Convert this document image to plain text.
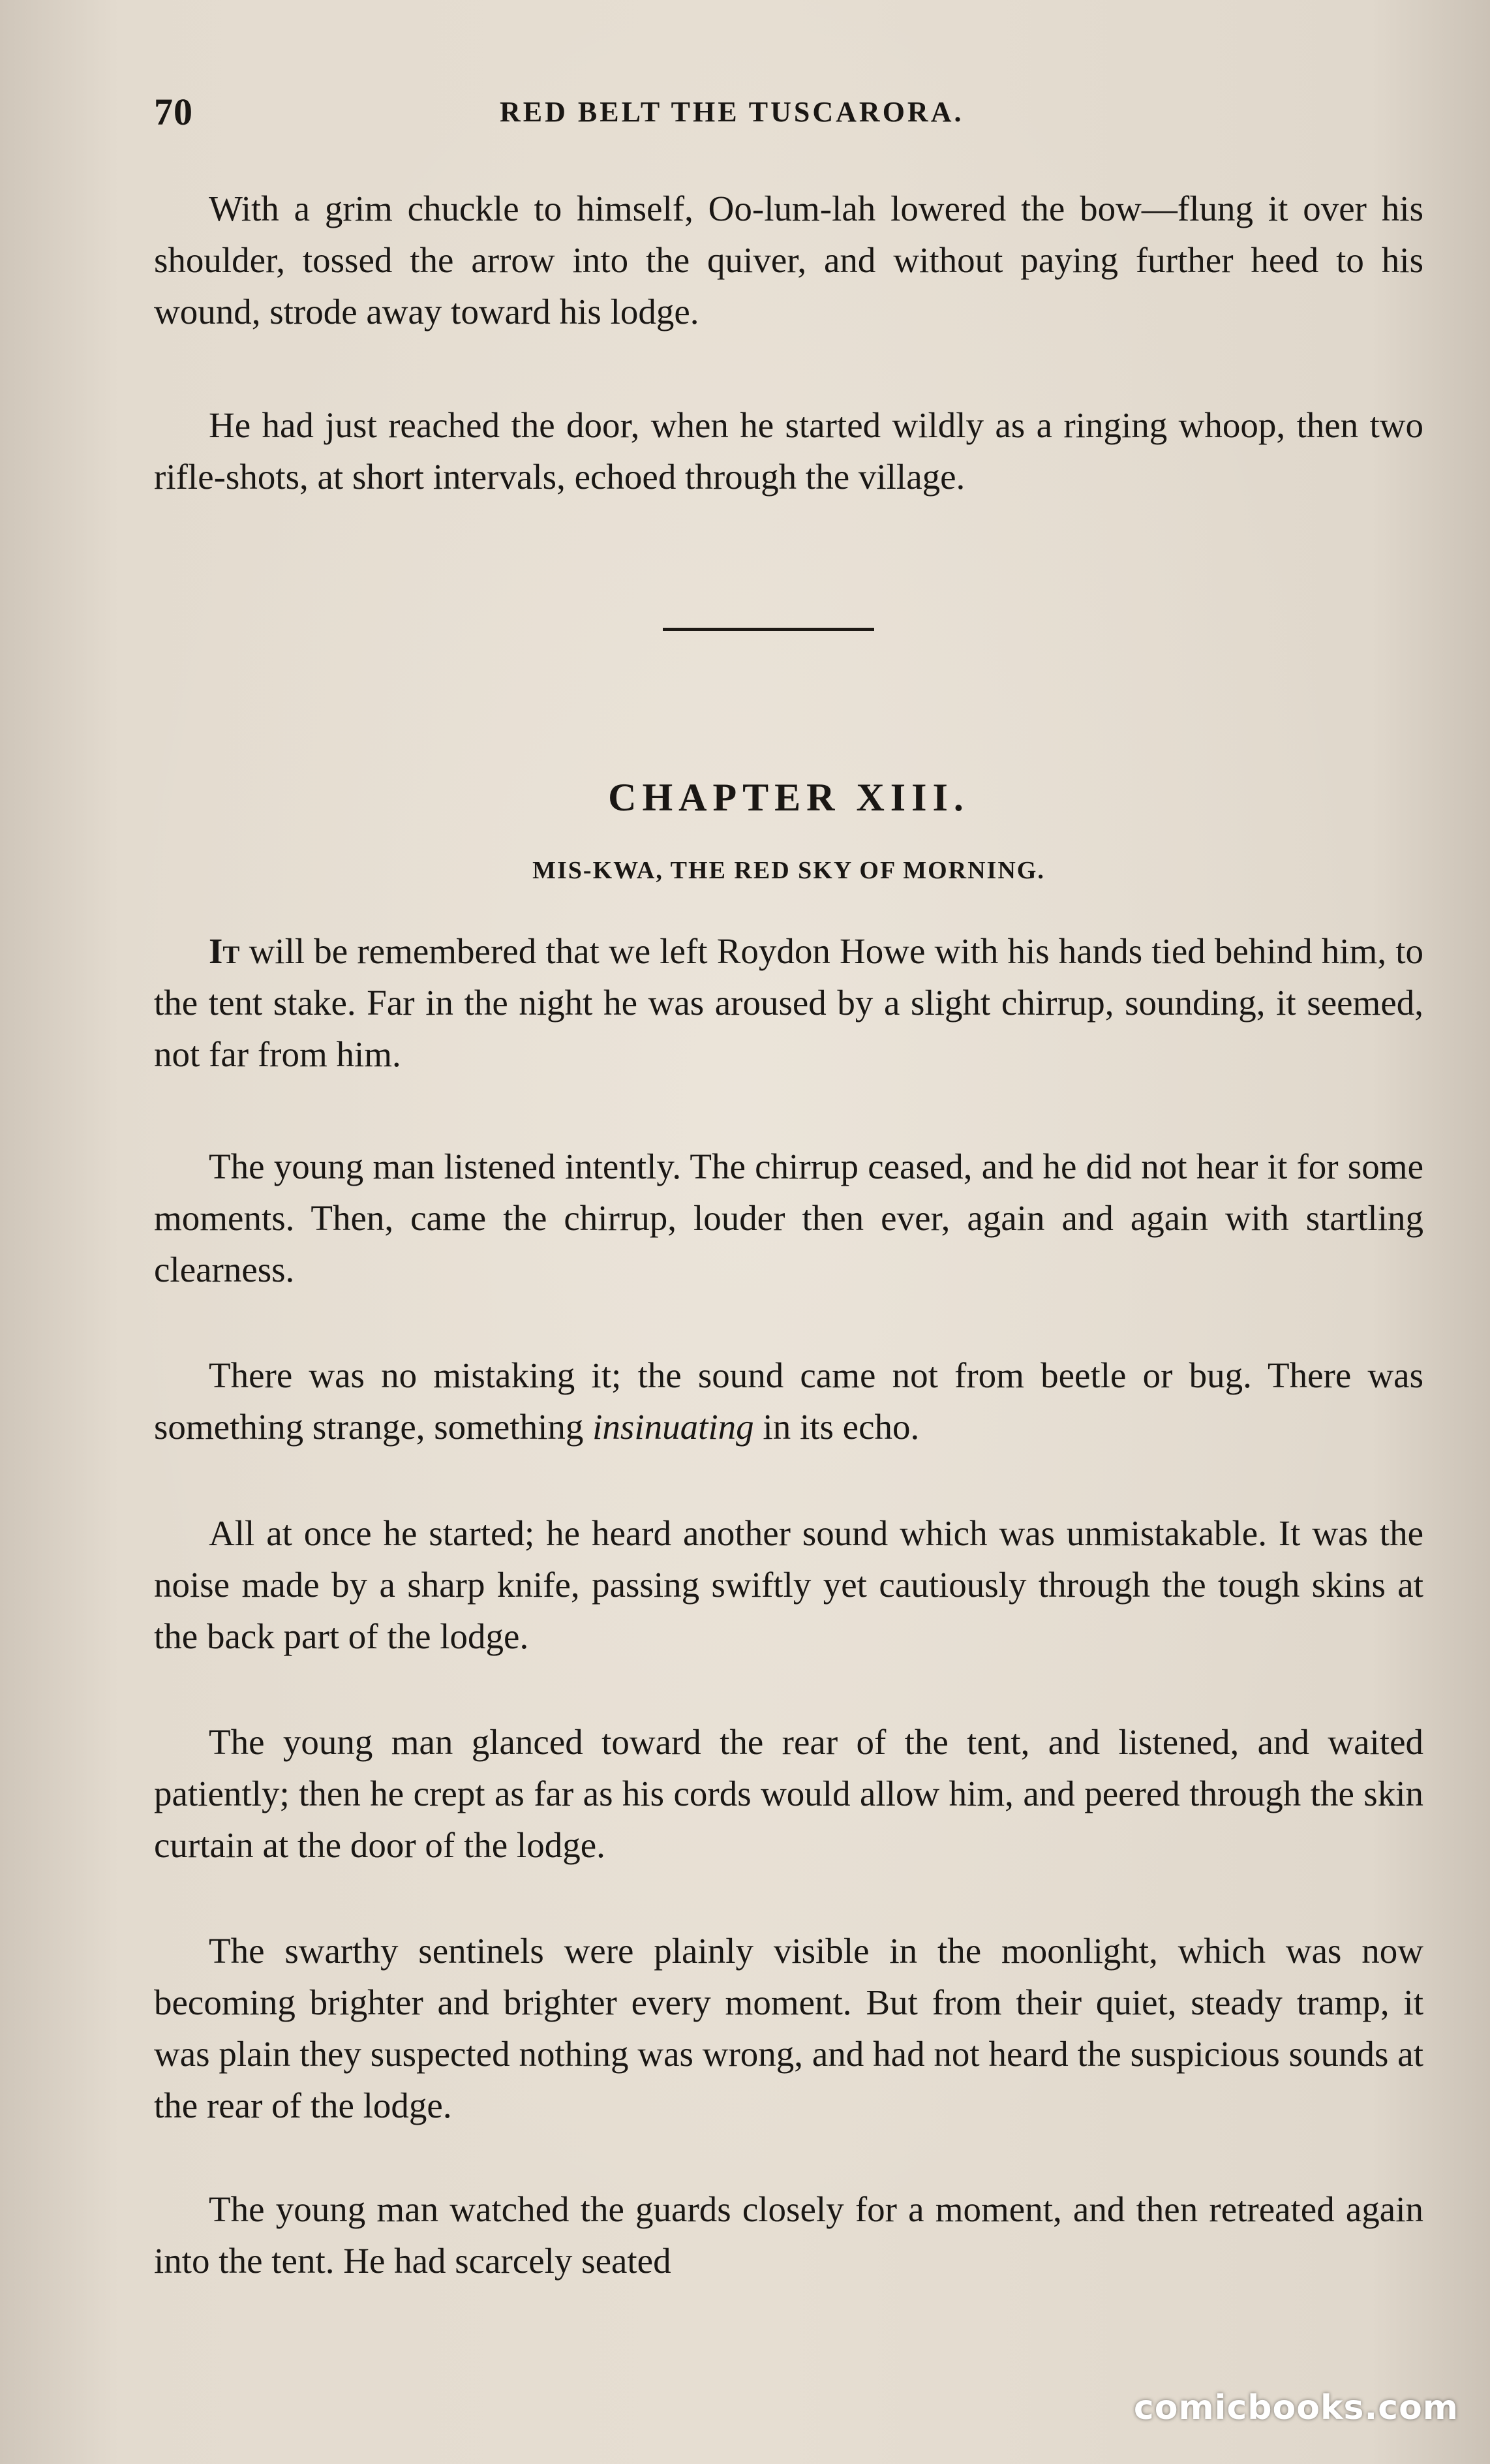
70	RED BELT THE TUSCARORA.

With a grim chuckle to himself, Oo-lum-lah lowered the bow—flung it over his shoulder, tossed the arrow into the quiver, and without paying further heed to his wound, strode away toward his lodge.

He had just reached the door, when he started wildly as a ringing whoop, then two rifle-shots, at short intervals, echoed through the village.

CHAPTER XIII.
MIS-KWA, THE RED SKY OF MORNING.

It will be remembered that we left Roydon Howe with his hands tied behind him, to the tent stake. Far in the night he was aroused by a slight chirrup, sounding, it seemed, not far from him.

The young man listened intently. The chirrup ceased, and he did not hear it for some moments. Then, came the chirrup, louder then ever, again and again with startling clearness.

There was no mistaking it; the sound came not from beetle or bug. There was something strange, something insinuating in its echo.

All at once he started; he heard another sound which was unmistakable. It was the noise made by a sharp knife, passing swiftly yet cautiously through the tough skins at the back part of the lodge.

The young man glanced toward the rear of the tent, and listened, and waited patiently; then he crept as far as his cords would allow him, and peered through the skin curtain at the door of the lodge.

The swarthy sentinels were plainly visible in the moonlight, which was now becoming brighter and brighter every moment. But from their quiet, steady tramp, it was plain they suspected nothing was wrong, and had not heard the suspicious sounds at the rear of the lodge.

The young man watched the guards closely for a moment, and then retreated again into the tent. He had scarcely seated

comicbooks.com
